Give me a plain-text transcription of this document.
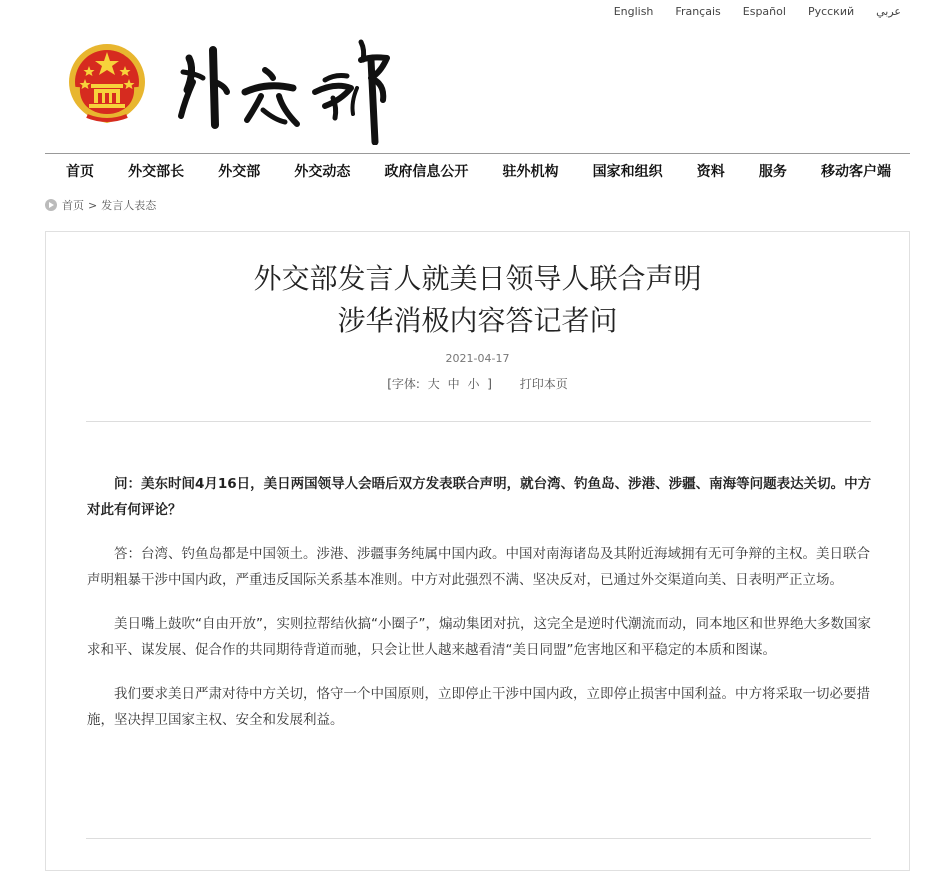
English Français Español Русский عربي
首页 外交部长 外交部 外交动态 政府信息公开 驻外机构 国家和组织 资料 服务 移动客户端
首页 > 发言人表态
外交部发言人就美日领导人联合声明
涉华消极内容答记者问
2021-04-17
[字体: 大 中 小 ] 打印本页

问：美东时间4月16日，美日两国领导人会晤后双方发表联合声明，就台湾、钓鱼岛、涉港、涉疆、南海等问题表达关切。中方对此有何评论？

答：台湾、钓鱼岛都是中国领土。涉港、涉疆事务纯属中国内政。中国对南海诸岛及其附近海域拥有无可争辩的主权。美日联合声明粗暴干涉中国内政，严重违反国际关系基本准则。中方对此强烈不满、坚决反对，已通过外交渠道向美、日表明严正立场。

美日嘴上鼓吹“自由开放”，实则拉帮结伙搞“小圈子”，煽动集团对抗，这完全是逆时代潮流而动，同本地区和世界绝大多数国家求和平、谋发展、促合作的共同期待背道而驰，只会让世人越来越看清“美日同盟”危害地区和平稳定的本质和图谋。

我们要求美日严肃对待中方关切，恪守一个中国原则，立即停止干涉中国内政，立即停止损害中国利益。中方将采取一切必要措施，坚决捍卫国家主权、安全和发展利益。
